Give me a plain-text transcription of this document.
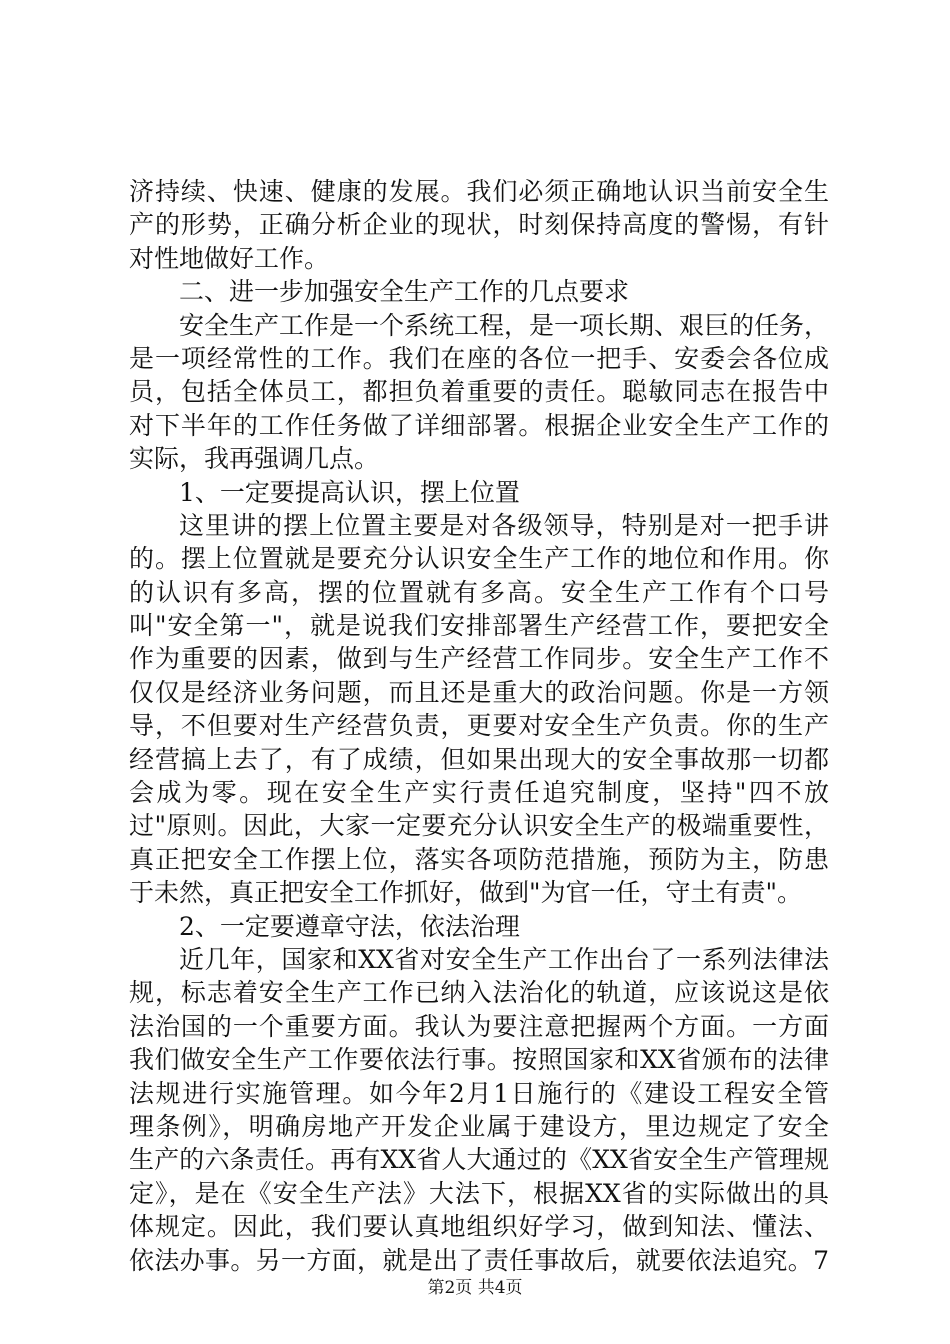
济持续、快速、健康的发展。我们必须正确地认识当前安全生
产的形势，正确分析企业的现状，时刻保持高度的警惕，有针
对性地做好工作。
二、进一步加强安全生产工作的几点要求
安全生产工作是一个系统工程，是一项长期、艰巨的任务，
是一项经常性的工作。我们在座的各位一把手、安委会各位成
员，包括全体员工，都担负着重要的责任。聪敏同志在报告中
对下半年的工作任务做了详细部署。根据企业安全生产工作的
实际，我再强调几点。
1、一定要提高认识，摆上位置
这里讲的摆上位置主要是对各级领导，特别是对一把手讲
的。摆上位置就是要充分认识安全生产工作的地位和作用。你
的认识有多高，摆的位置就有多高。安全生产工作有个口号
叫"安全第一"，就是说我们安排部署生产经营工作，要把安全
作为重要的因素，做到与生产经营工作同步。安全生产工作不
仅仅是经济业务问题，而且还是重大的政治问题。你是一方领
导，不但要对生产经营负责，更要对安全生产负责。你的生产
经营搞上去了，有了成绩，但如果出现大的安全事故那一切都
会成为零。现在安全生产实行责任追究制度，坚持"四不放
过"原则。因此，大家一定要充分认识安全生产的极端重要性，
真正把安全工作摆上位，落实各项防范措施，预防为主，防患
于未然，真正把安全工作抓好，做到"为官一任，守土有责"。
2、一定要遵章守法，依法治理
近几年，国家和XX省对安全生产工作出台了一系列法律法
规，标志着安全生产工作已纳入法治化的轨道，应该说这是依
法治国的一个重要方面。我认为要注意把握两个方面。一方面
我们做安全生产工作要依法行事。按照国家和XX省颁布的法律
法规进行实施管理。如今年2月1日施行的《建设工程安全管
理条例》，明确房地产开发企业属于建设方，里边规定了安全
生产的六条责任。再有XX省人大通过的《XX省安全生产管理规
定》，是在《安全生产法》大法下，根据XX省的实际做出的具
体规定。因此，我们要认真地组织好学习，做到知法、懂法、
依法办事。另一方面，就是出了责任事故后，就要依法追究。7
第2页 共4页
